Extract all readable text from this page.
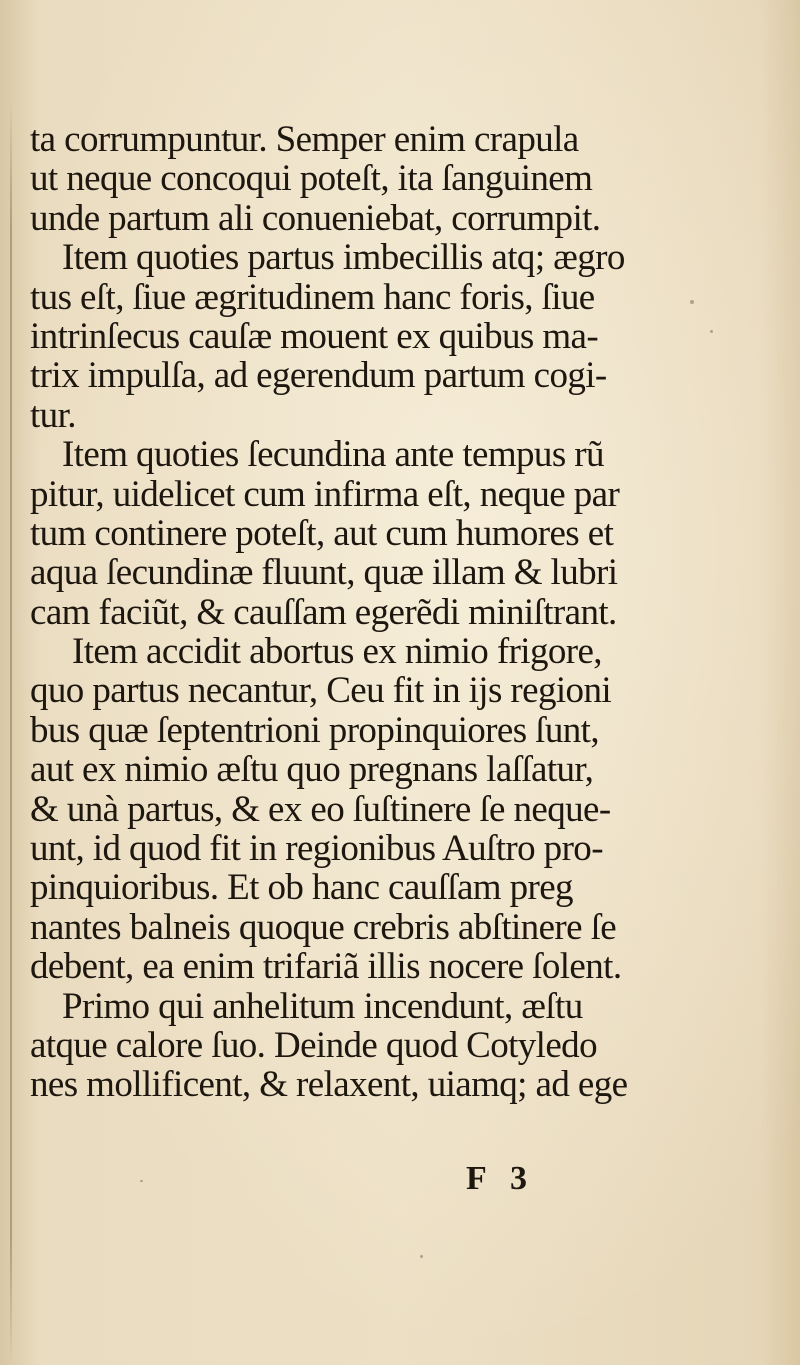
ta corrumpuntur. Semper enim crapula
ut neque concoqui poteſt, ita ſanguinem
unde partum ali conueniebat, corrumpit.
Item quoties partus imbecillis atq; ægro
tus eſt, ſiue ægritudinem hanc foris, ſiue
intrinſecus cauſæ mouent ex quibus ma-
trix impulſa, ad egerendum partum cogi-
tur.
Item quoties ſecundina ante tempus rũ
pitur, uidelicet cum infirma eſt, neque par
tum continere poteſt, aut cum humores et
aqua ſecundinæ fluunt, quæ illam & lubri
cam faciũt, & cauſſam egerẽdi miniſtrant.
Item accidit abortus ex nimio frigore,
quo partus necantur, Ceu fit in ijs regioni
bus quæ ſeptentrioni propinquiores ſunt,
aut ex nimio æſtu quo pregnans laſſatur,
& unà partus, & ex eo ſuſtinere ſe neque-
unt, id quod fit in regionibus Auſtro pro-
pinquioribus. Et ob hanc cauſſam preg
nantes balneis quoque crebris abſtinere ſe
debent, ea enim trifariã illis nocere ſolent.
Primo qui anhelitum incendunt, æſtu
atque calore ſuo. Deinde quod Cotyledo
nes mollificent, & relaxent, uiamq; ad ege
F 3
